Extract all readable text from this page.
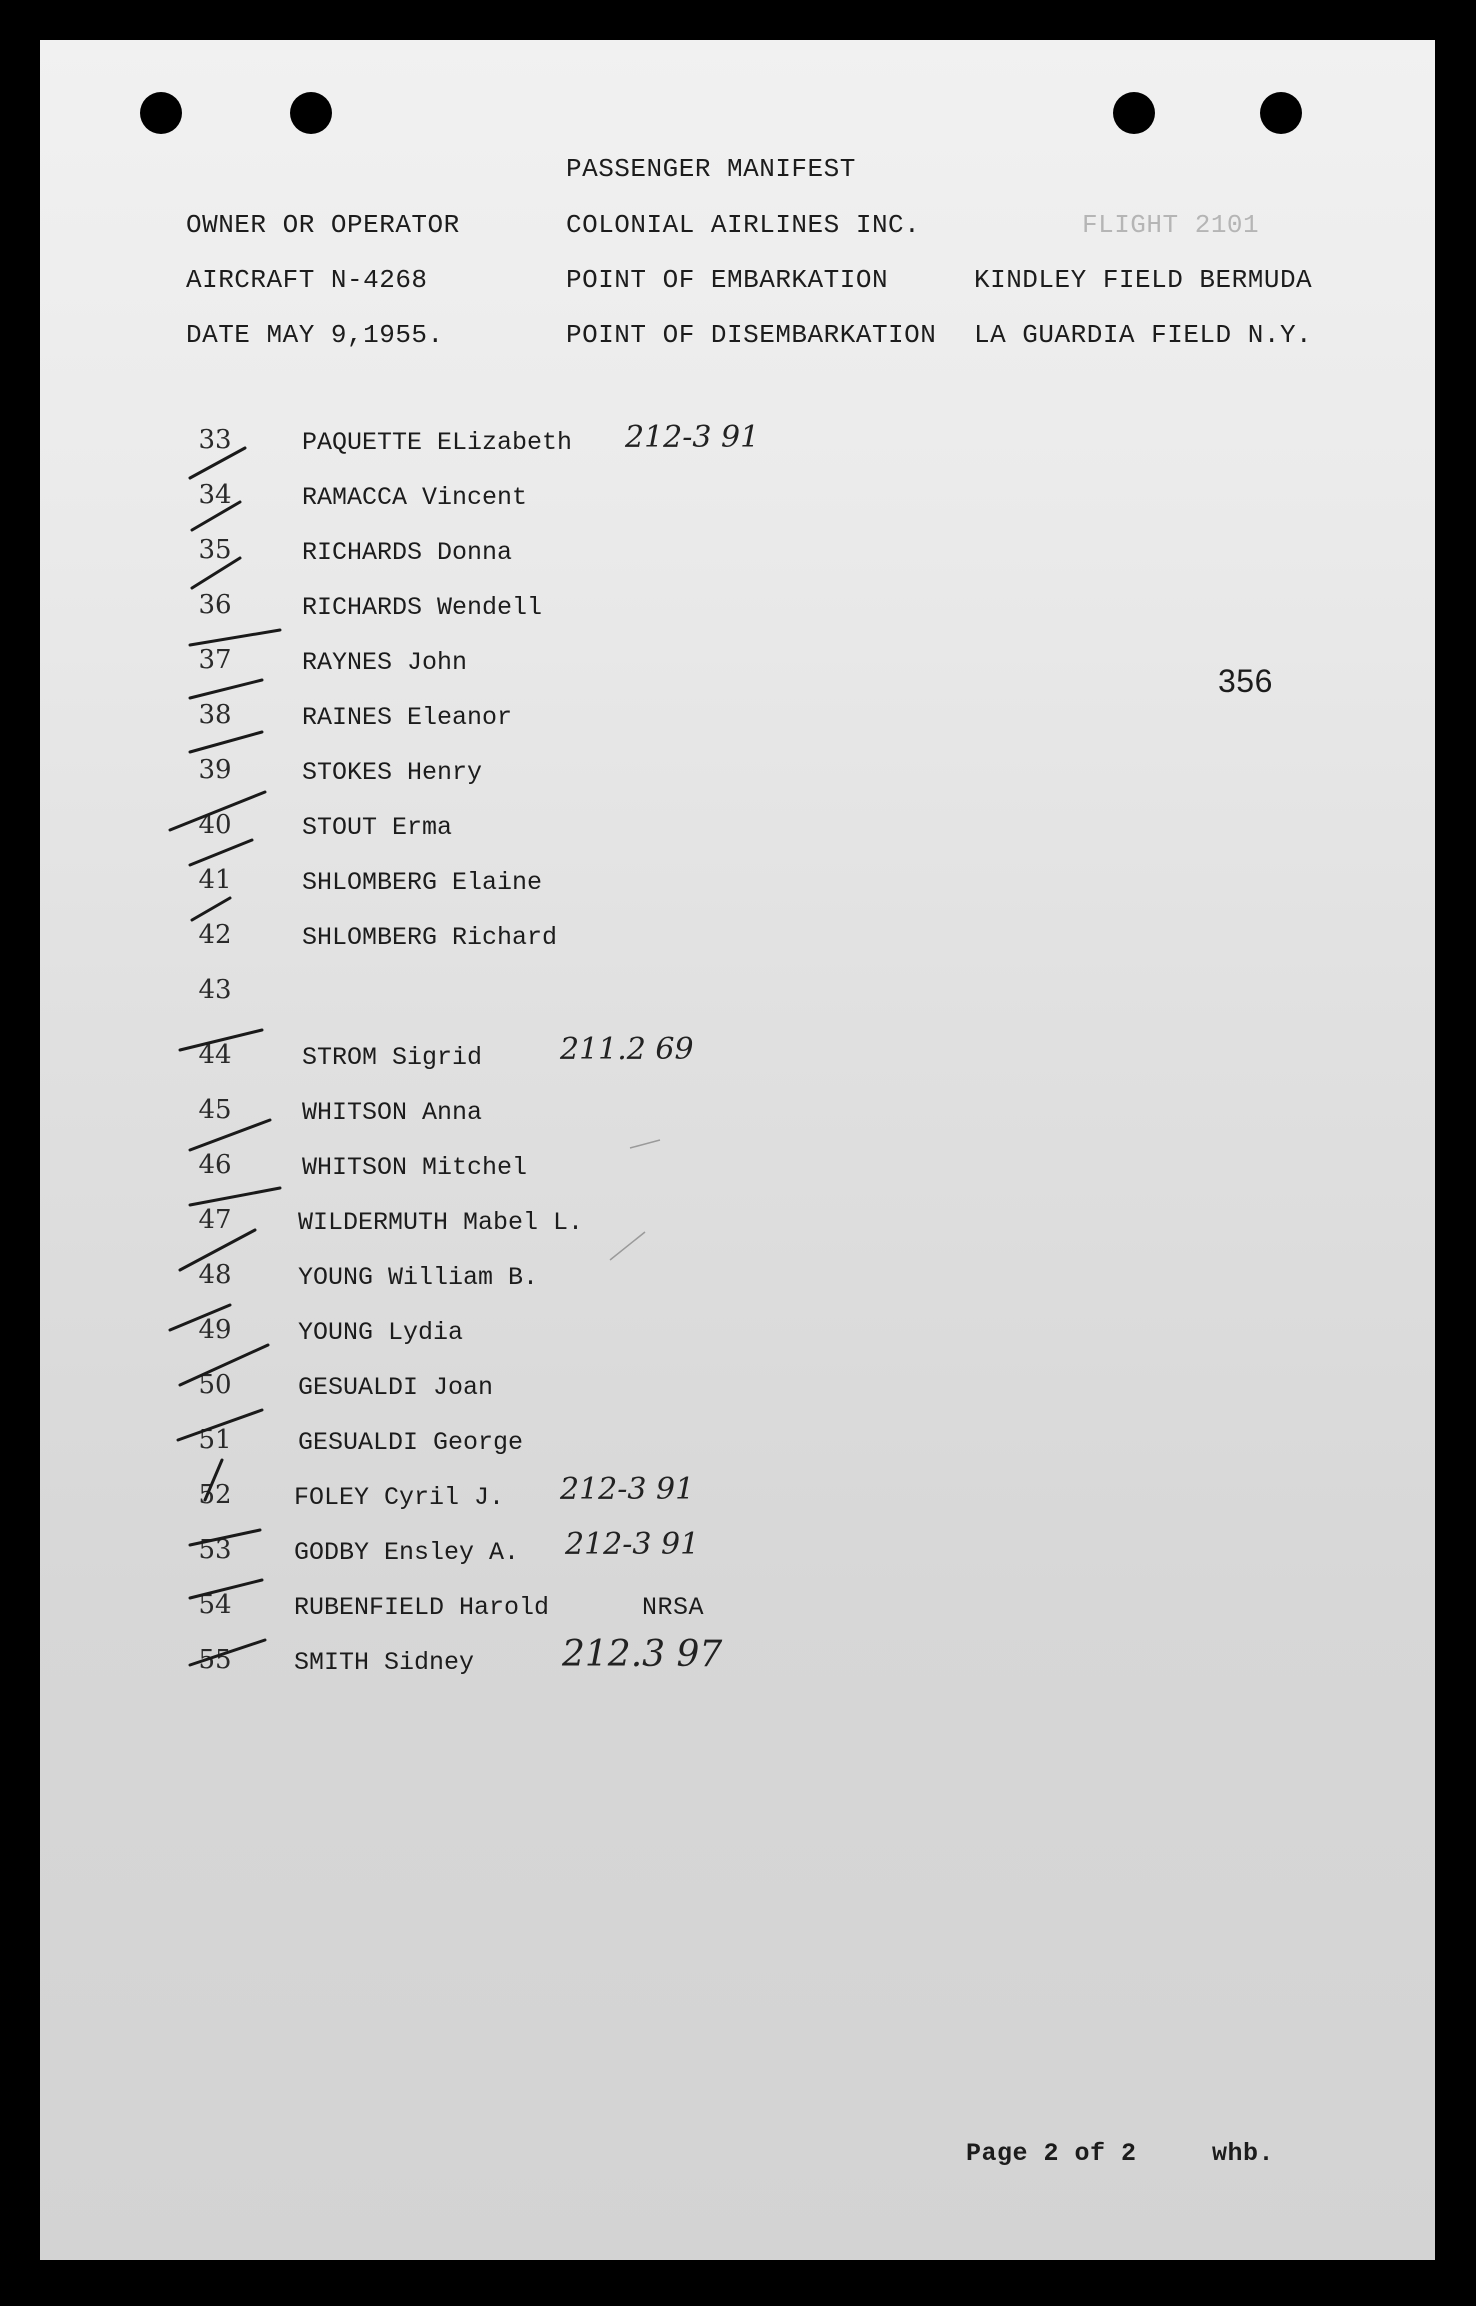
PASSENGER MANIFEST
OWNER OR OPERATOR	COLONIAL AIRLINES INC.	FLIGHT 2101
AIRCRAFT N-4268	POINT OF EMBARKATION	KINDLEY FIELD BERMUDA
DATE MAY 9,1955.	POINT OF DISEMBARKATION LA GUARDIA FIELD N.Y.
356
33	PAQUETTE ELizabeth 212-3 91
34	RAMACCA Vincent
35	RICHARDS Donna
36	RICHARDS Wendell
37	RAYNES John
38	RAINES Eleanor
39	STOKES Henry
40	STOUT Erma
41	SHLOMBERG Elaine
42	SHLOMBERG Richard
43
44	STROM Sigrid	211.2 69
45	WHITSON Anna
46	WHITSON Mitchel
47	WILDERMUTH Mabel L.
48	YOUNG William B.
49	YOUNG Lydia
50	GESUALDI Joan
51	GESUALDI George
52	FOLEY Cyril J. 212-3 91
53	GODBY Ensley A. 212-3 91
54	RUBENFIELD Harold	NRSA
55	SMITH Sidney 212.3 97
Page 2 of 2	whb.
